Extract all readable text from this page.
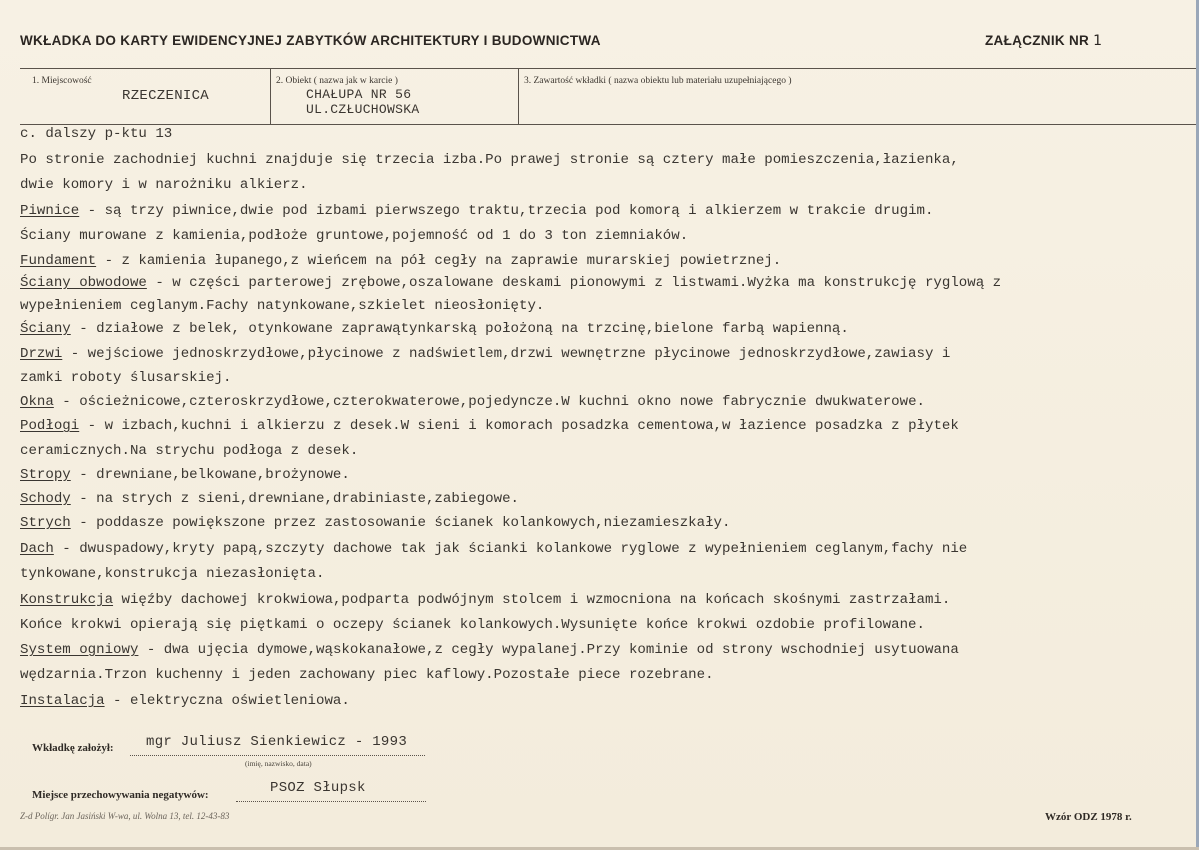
WKŁADKA DO KARTY EWIDENCYJNEJ ZABYTKÓW ARCHITEKTURY I BUDOWNICTWA	ZAŁĄCZNIK NR 1
1. Miejscowość
RZECZENICA
2. Obiekt ( nazwa jak w karcie )
CHAŁUPA NR 56
UL.CZŁUCHOWSKA
3. Zawartość wkładki ( nazwa obiektu lub materiału uzupełniającego )
c. dalszy p-ktu 13
Po stronie zachodniej kuchni znajduje się trzecia izba.Po prawej stronie są cztery małe pomieszczenia,łazienka,
dwie komory i w narożniku alkierz.
Piwnice - są trzy piwnice,dwie pod izbami pierwszego traktu,trzecia pod komorą i alkierzem w trakcie drugim.
Ściany murowane z kamienia,podłoże gruntowe,pojemność od 1 do 3 ton ziemniaków.
Fundament - z kamienia łupanego,z wieńcem na pół cegły na zaprawie murarskiej powietrznej.
Ściany obwodowe - w części parterowej zrębowe,oszalowane deskami pionowymi z listwami.Wyżka ma konstrukcję ryglową z
wypełnieniem ceglanym.Fachy natynkowane,szkielet nieosłonięty.
Ściany - działowe z belek, otynkowane zaprawątynkarską położoną na trzcinę,bielone farbą wapienną.
Drzwi - wejściowe jednoskrzydłowe,płycinowe z nadświetlem,drzwi wewnętrzne płycinowe jednoskrzydłowe,zawiasy i
zamki roboty ślusarskiej.
Okna - ościeżnicowe,czteroskrzydłowe,czterokwaterowe,pojedyncze.W kuchni okno nowe fabrycznie dwukwaterowe.
Podłogi - w izbach,kuchni i alkierzu z desek.W sieni i komorach posadzka cementowa,w łazience posadzka z płytek
ceramicznych.Na strychu podłoga z desek.
Stropy - drewniane,belkowane,brożynowe.
Schody - na strych z sieni,drewniane,drabiniaste,zabiegowe.
Strych - poddasze powiększone przez zastosowanie ścianek kolankowych,niezamieszkały.
Dach - dwuspadowy,kryty papą,szczyty dachowe tak jak ścianki kolankowe ryglowe z wypełnieniem ceglanym,fachy nie
tynkowane,konstrukcja niezasłonięta.
Konstrukcja więźby dachowej krokwiowa,podparta podwójnym stolcem i wzmocniona na końcach skośnymi zastrzałami.
Końce krokwi opierają się piętkami o oczepy ścianek kolankowych.Wysunięte końce krokwi ozdobie profilowane.
System ogniowy - dwa ujęcia dymowe,wąskokanałowe,z cegły wypalanej.Przy kominie od strony wschodniej usytuowana
wędzarnia.Trzon kuchenny i jeden zachowany piec kaflowy.Pozostałe piece rozebrane.
Instalacja - elektryczna oświetleniowa.
Wkładkę założył: mgr Juliusz Sienkiewicz - 1993
(imię, nazwisko, data)
Miejsce przechowywania negatywów:	PSOZ Słupsk
Z-d Polígr. Jan Jasiński W-wa, ul. Wolna 13, tel. 12-43-83	Wzór ODZ 1978 r.
